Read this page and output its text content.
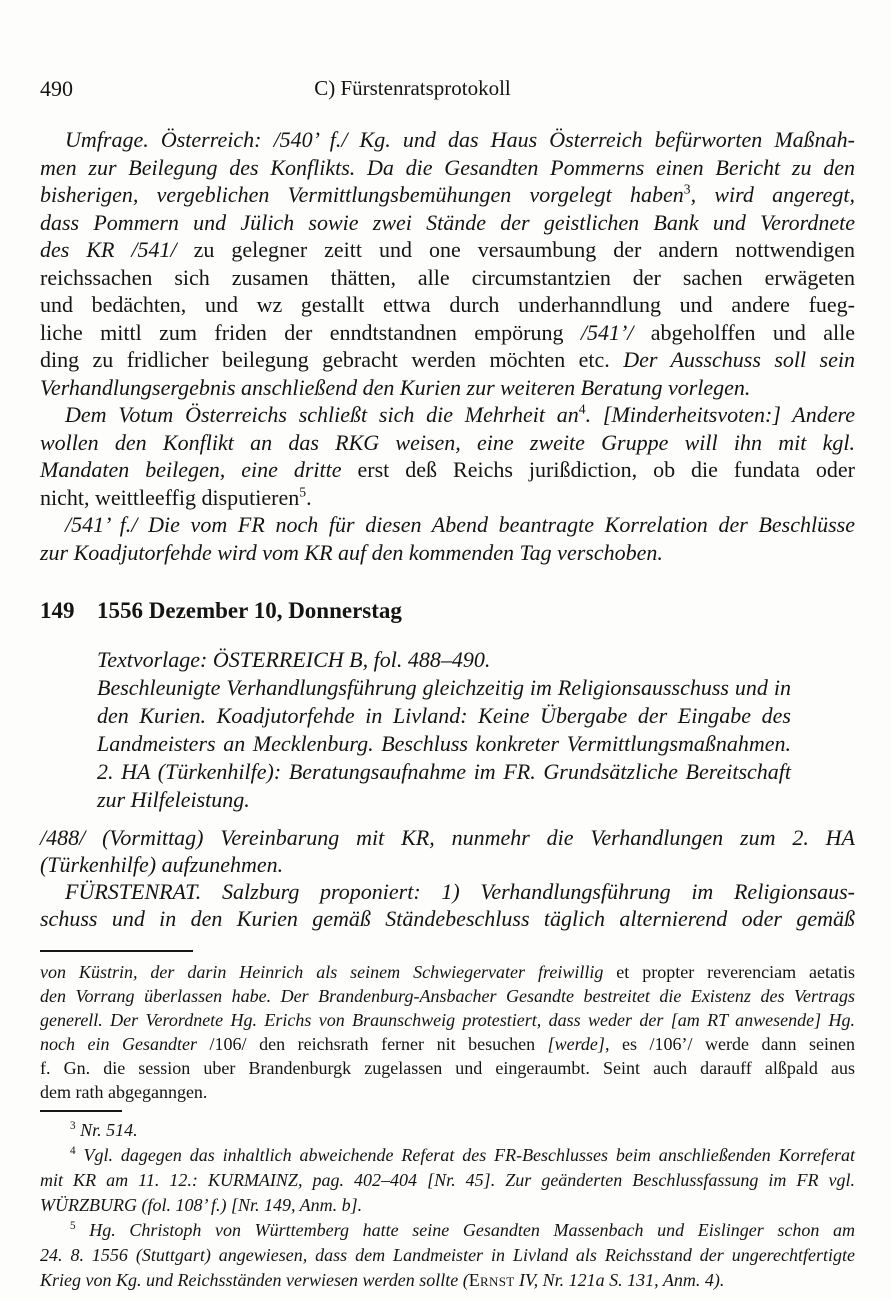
490	C) Fürstenratsprotokoll
Umfrage. Österreich: /540’ f./ Kg. und das Haus Österreich befürworten Maßnah-
men zur Beilegung des Konflikts. Da die Gesandten Pommerns einen Bericht zu den
bisherigen, vergeblichen Vermittlungsbemühungen vorgelegt haben$^3$, wird angeregt,
dass Pommern und Jülich sowie zwei Stände der geistlichen Bank und Verordnete
des KR /541/ zu gelegner zeitt und one versaumbung der andern nottwendigen
reichssachen sich zusamen thätten, alle circumstantzien der sachen erwägeten
und bedächten, und wz gestallt ettwa durch underhanndlung und andere fueg-
liche mittl zum friden der enndtstandnen empörung /541’/ abgeholffen und alle
ding zu fridlicher beilegung gebracht werden möchten etc. Der Ausschuss soll sein
Verhandlungsergebnis anschließend den Kurien zur weiteren Beratung vorlegen.
Dem Votum Österreichs schließt sich die Mehrheit $an^4$. [Minderheitsvoten:] Andere
wollen den Konflikt an das RKG weisen, eine zweite Gruppe will ihn mit kgl.
Mandaten beilegen, eine dritte erst deß Reichs jurißdiction, ob die fundata oder
nicht, weittleeffig disputieren$^5$.
/541’ f./ Die vom FR noch für diesen Abend beantragte Korrelation der Beschlüsse
zur Koadjutorfehde wird vom KR auf den kommenden Tag verschoben.
149 1556 Dezember 10, Donnerstag
Textvorlage: ÖSTERREICH B, fol. 488–490.
Beschleunigte Verhandlungsführung gleichzeitig im Religionsausschuss und in
den Kurien. Koadjutorfehde in Livland: Keine Übergabe der Eingabe des
Landmeisters an Mecklenburg. Beschluss konkreter Vermittlungsmaßnahmen.
2. HA (Türkenhilfe): Beratungsaufnahme im FR. Grundsätzliche Bereitschaft
zur Hilfeleistung.
/488/ (Vormittag) Vereinbarung mit KR, nunmehr die Verhandlungen zum 2. HA
(Türkenhilfe) aufzunehmen.
FÜRSTENRAT. Salzburg proponiert: 1) Verhandlungsführung im Religionsaus-
schuss und in den Kurien gemäß Ständebeschluss täglich alternierend oder gemäß
von Küstrin, der darin Heinrich als seinem Schwiegervater freiwillig et propter reverenciam aetatis
den Vorrang überlassen habe. Der Brandenburg-Ansbacher Gesandte bestreitet die Existenz des Vertrags
generell. Der Verordnete Hg. Erichs von Braunschweig protestiert, dass weder der [am RT anwesende] Hg.
noch ein Gesandter /106/ den reichsrath ferner nit besuchen [werde], es /106’/ werde dann seinen
f. Gn. die session uber Brandenburgk zugelassen und eingeraumbt. Seint auch darauff alßpald aus
dem rath abgeganngen.
$^3$ Nr. 514.
$^4$ Vgl. dagegen das inhaltlich abweichende Referat des FR-Beschlusses beim anschließenden Korreferat
mit KR am 11. 12.: KURMAINZ, pag. 402–404 [Nr. 45]. Zur geänderten Beschlussfassung im FR vgl.
WÜRZBURG (fol. 108’ f.) [Nr. 149, Anm. b].
$^5$ Hg. Christoph von Württemberg hatte seine Gesandten Massenbach und Eislinger schon am
24. 8. 1556 (Stuttgart) angewiesen, dass dem Landmeister in Livland als Reichsstand der ungerechtfertigte
Krieg von Kg. und Reichsständen verwiesen werden sollte (Ernst IV, Nr. 121a S. 131, Anm. 4).
